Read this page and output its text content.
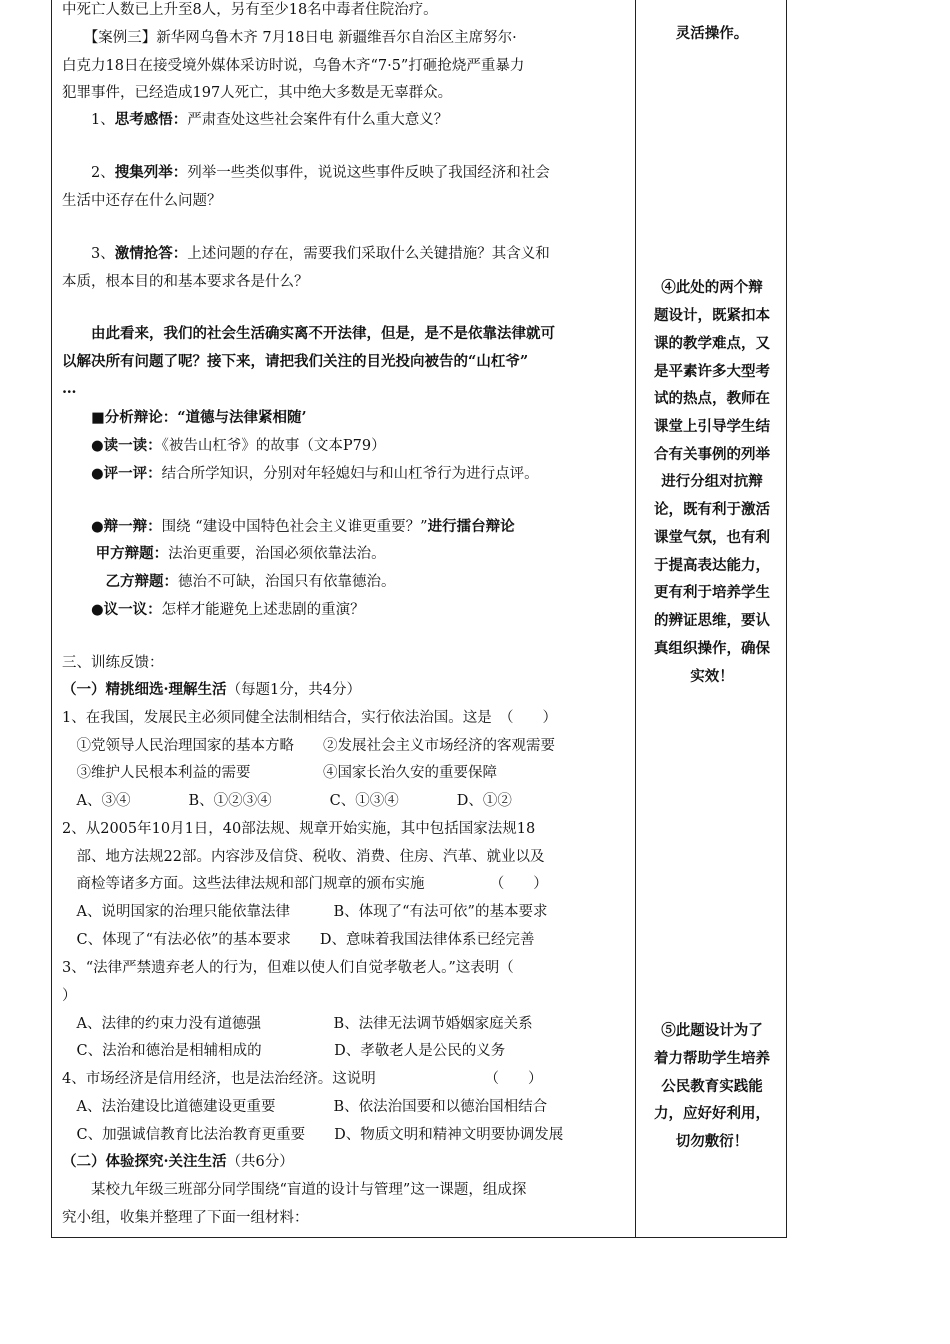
中死亡人数已上升至8人，另有至少18名中毒者住院治疗。
　　【案例三】新华网乌鲁木齐 7月18日电 新疆维吾尔自治区主席努尔·
白克力18日在接受境外媒体采访时说，乌鲁木齐“7·5”打砸抢烧严重暴力
犯罪事件，已经造成197人死亡，其中绝大多数是无辜群众。
　　1、思考感悟：严肃查处这些社会案件有什么重大意义？
　　2、搜集列举：列举一些类似事件，说说这些事件反映了我国经济和社会
生活中还存在什么问题？
　　3、激情抢答：上述问题的存在，需要我们采取什么关键措施？其含义和
本质，根本目的和基本要求各是什么？
　　由此看来，我们的社会生活确实离不开法律，但是，是不是依靠法律就可
以解决所有问题了呢？接下来，请把我们关注的目光投向被告的“山杠爷”
…
　　■分析辩论：“道德与法律紧相随’
　　●读一读：《被告山杠爷》的故事（文本P79）
　　●评一评：结合所学知识，分别对年轻媳妇与和山杠爷行为进行点评。
　　●辩一辩：围绕 “建设中国特色社会主义谁更重要？”进行擂台辩论
　　 甲方辩题：法治更重要，治国必须依靠法治。
　　　乙方辩题：德治不可缺，治国只有依靠德治。
　　●议一议：怎样才能避免上述悲剧的重演？
三、训练反馈：
（一）精挑细选·理解生活（每题1分，共4分）
1、在我国，发展民主必须同健全法制相结合，实行依法治国。这是　（　　）
　①党领导人民治理国家的基本方略　　②发展社会主义市场经济的客观需要
　③维护人民根本利益的需要　　　　　④国家长治久安的重要保障
　A、③④　　　　B、①②③④　　　　C、①③④　　　　D、①②
2、从2005年10月1日，40部法规、规章开始实施，其中包括国家法规18
　部、地方法规22部。内容涉及信贷、税收、消费、住房、汽革、就业以及
　商检等诸多方面。这些法律法规和部门规章的颁布实施　　　　　（　　）
　A、说明国家的治理只能依靠法律　　　B、体现了“有法可依”的基本要求
　C、体现了“有法必依”的基本要求　　D、意味着我国法律体系已经完善
3、“法律严禁遗弃老人的行为，但难以使人们自觉孝敬老人。”这表明（
）
　A、法律的约束力没有道德强　　　　　B、法律无法调节婚姻家庭关系
　C、法治和德治是相辅相成的　　　　　D、孝敬老人是公民的义务
4、市场经济是信用经济，也是法治经济。这说明　　　　　　　　（　　）
　A、法治建设比道德建设更重要　　　　B、依法治国要和以德治国相结合
　C、加强诚信教育比法治教育更重要　　D、物质文明和精神文明要协调发展
（二）体验探究·关注生活（共6分）
　　某校九年级三班部分同学围绕“盲道的设计与管理”这一课题，组成探
究小组，收集并整理了下面一组材料：
灵活操作。
④此处的两个辩
题设计，既紧扣本
课的教学难点，又
是平素许多大型考
试的热点，教师在
课堂上引导学生结
合有关事例的列举
进行分组对抗辩
论，既有利于激活
课堂气氛，也有利
于提高表达能力，
更有利于培养学生
的辨证思维，要认
真组织操作，确保
实效！
⑤此题设计为了
着力帮助学生培养
公民教育实践能
力，应好好利用，
切勿敷衍！
